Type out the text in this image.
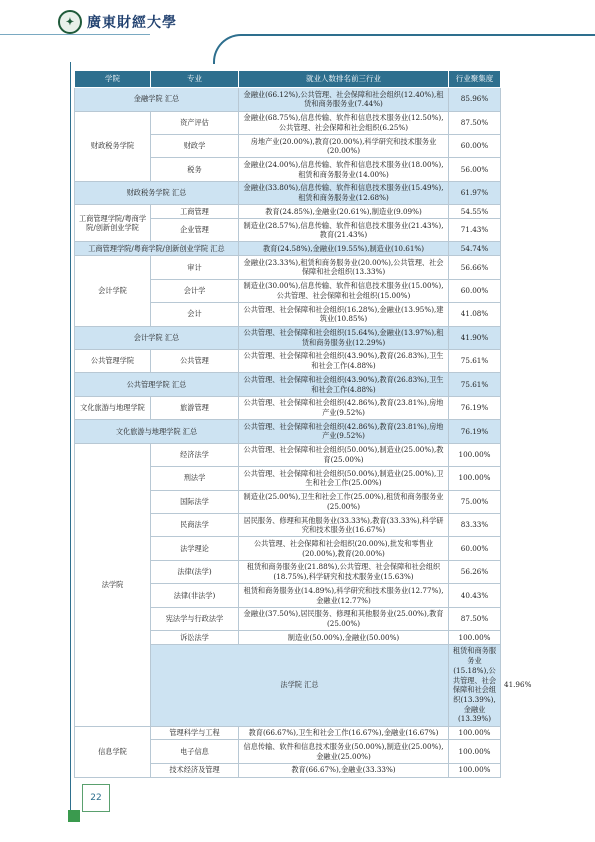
✦ 廣東財經大學
学院	专业	就业人数排名前三行业	行业聚集度	
金融学院 汇总		金融业(66.12%),公共管理、社会保障和社会组织(12.40%),租赁和商务服务业(7.44%)	85.96%	
财政税务学院	资产评估	金融业(68.75%),信息传输、软件和信息技术服务业(12.50%),公共管理、社会保障和社会组织(6.25%)	87.50%	
	财政学	房地产业(20.00%),教育(20.00%),科学研究和技术服务业(20.00%)	60.00%	
	税务	金融业(24.00%),信息传输、软件和信息技术服务业(18.00%),租赁和商务服务业(14.00%)	56.00%	
财政税务学院 汇总		金融业(33.80%),信息传输、软件和信息技术服务业(15.49%),租赁和商务服务业(12.68%)	61.97%	
工商管理学院/粤商学院/创新创业学院	工商管理	教育(24.85%),金融业(20.61%),制造业(9.09%)	54.55%	
	企业管理	制造业(28.57%),信息传输、软件和信息技术服务业(21.43%),教育(21.43%)	71.43%	
工商管理学院/粤商学院/创新创业学院 汇总		教育(24.58%),金融业(19.55%),制造业(10.61%)	54.74%	
会计学院	审计	金融业(23.33%),租赁和商务服务业(20.00%),公共管理、社会保障和社会组织(13.33%)	56.66%	
	会计学	制造业(30.00%),信息传输、软件和信息技术服务业(15.00%),公共管理、社会保障和社会组织(15.00%)	60.00%	
	会计	公共管理、社会保障和社会组织(16.28%),金融业(13.95%),建筑业(10.85%)	41.08%	
会计学院 汇总		公共管理、社会保障和社会组织(15.64%),金融业(13.97%),租赁和商务服务业(12.29%)	41.90%	
公共管理学院	公共管理	公共管理、社会保障和社会组织(43.90%),教育(26.83%),卫生和社会工作(4.88%)	75.61%	
公共管理学院 汇总		公共管理、社会保障和社会组织(43.90%),教育(26.83%),卫生和社会工作(4.88%)	75.61%	
文化旅游与地理学院	旅游管理	公共管理、社会保障和社会组织(42.86%),教育(23.81%),房地产业(9.52%)	76.19%	
文化旅游与地理学院 汇总		公共管理、社会保障和社会组织(42.86%),教育(23.81%),房地产业(9.52%)	76.19%	
法学院	经济法学	公共管理、社会保障和社会组织(50.00%),制造业(25.00%),教育(25.00%)	100.00%	
	刑法学	公共管理、社会保障和社会组织(50.00%),制造业(25.00%),卫生和社会工作(25.00%)	100.00%	
	国际法学	制造业(25.00%),卫生和社会工作(25.00%),租赁和商务服务业(25.00%)	75.00%	
	民商法学	居民服务、修理和其他服务业(33.33%),教育(33.33%),科学研究和技术服务业(16.67%)	83.33%	
	法学理论	公共管理、社会保障和社会组织(20.00%),批发和零售业(20.00%),教育(20.00%)	60.00%	
	法律(法学)	租赁和商务服务业(21.88%),公共管理、社会保障和社会组织(18.75%),科学研究和技术服务业(15.63%)	56.26%	
	法律(非法学)	租赁和商务服务业(14.89%),科学研究和技术服务业(12.77%),金融业(12.77%)	40.43%	
	宪法学与行政法学	金融业(37.50%),居民服务、修理和其他服务业(25.00%),教育(25.00%)	87.50%	
	诉讼法学	制造业(50.00%),金融业(50.00%)	100.00%	
	法学院 汇总		租赁和商务服务业(15.18%),公共管理、社会保障和社会组织(13.39%),金融业(13.39%)	41.96%
信息学院	管理科学与工程	教育(66.67%),卫生和社会工作(16.67%),金融业(16.67%)	100.00%	
	电子信息	信息传输、软件和信息技术服务业(50.00%),制造业(25.00%),金融业(25.00%)	100.00%	
	技术经济及管理	教育(66.67%),金融业(33.33%)	100.00%	
22
